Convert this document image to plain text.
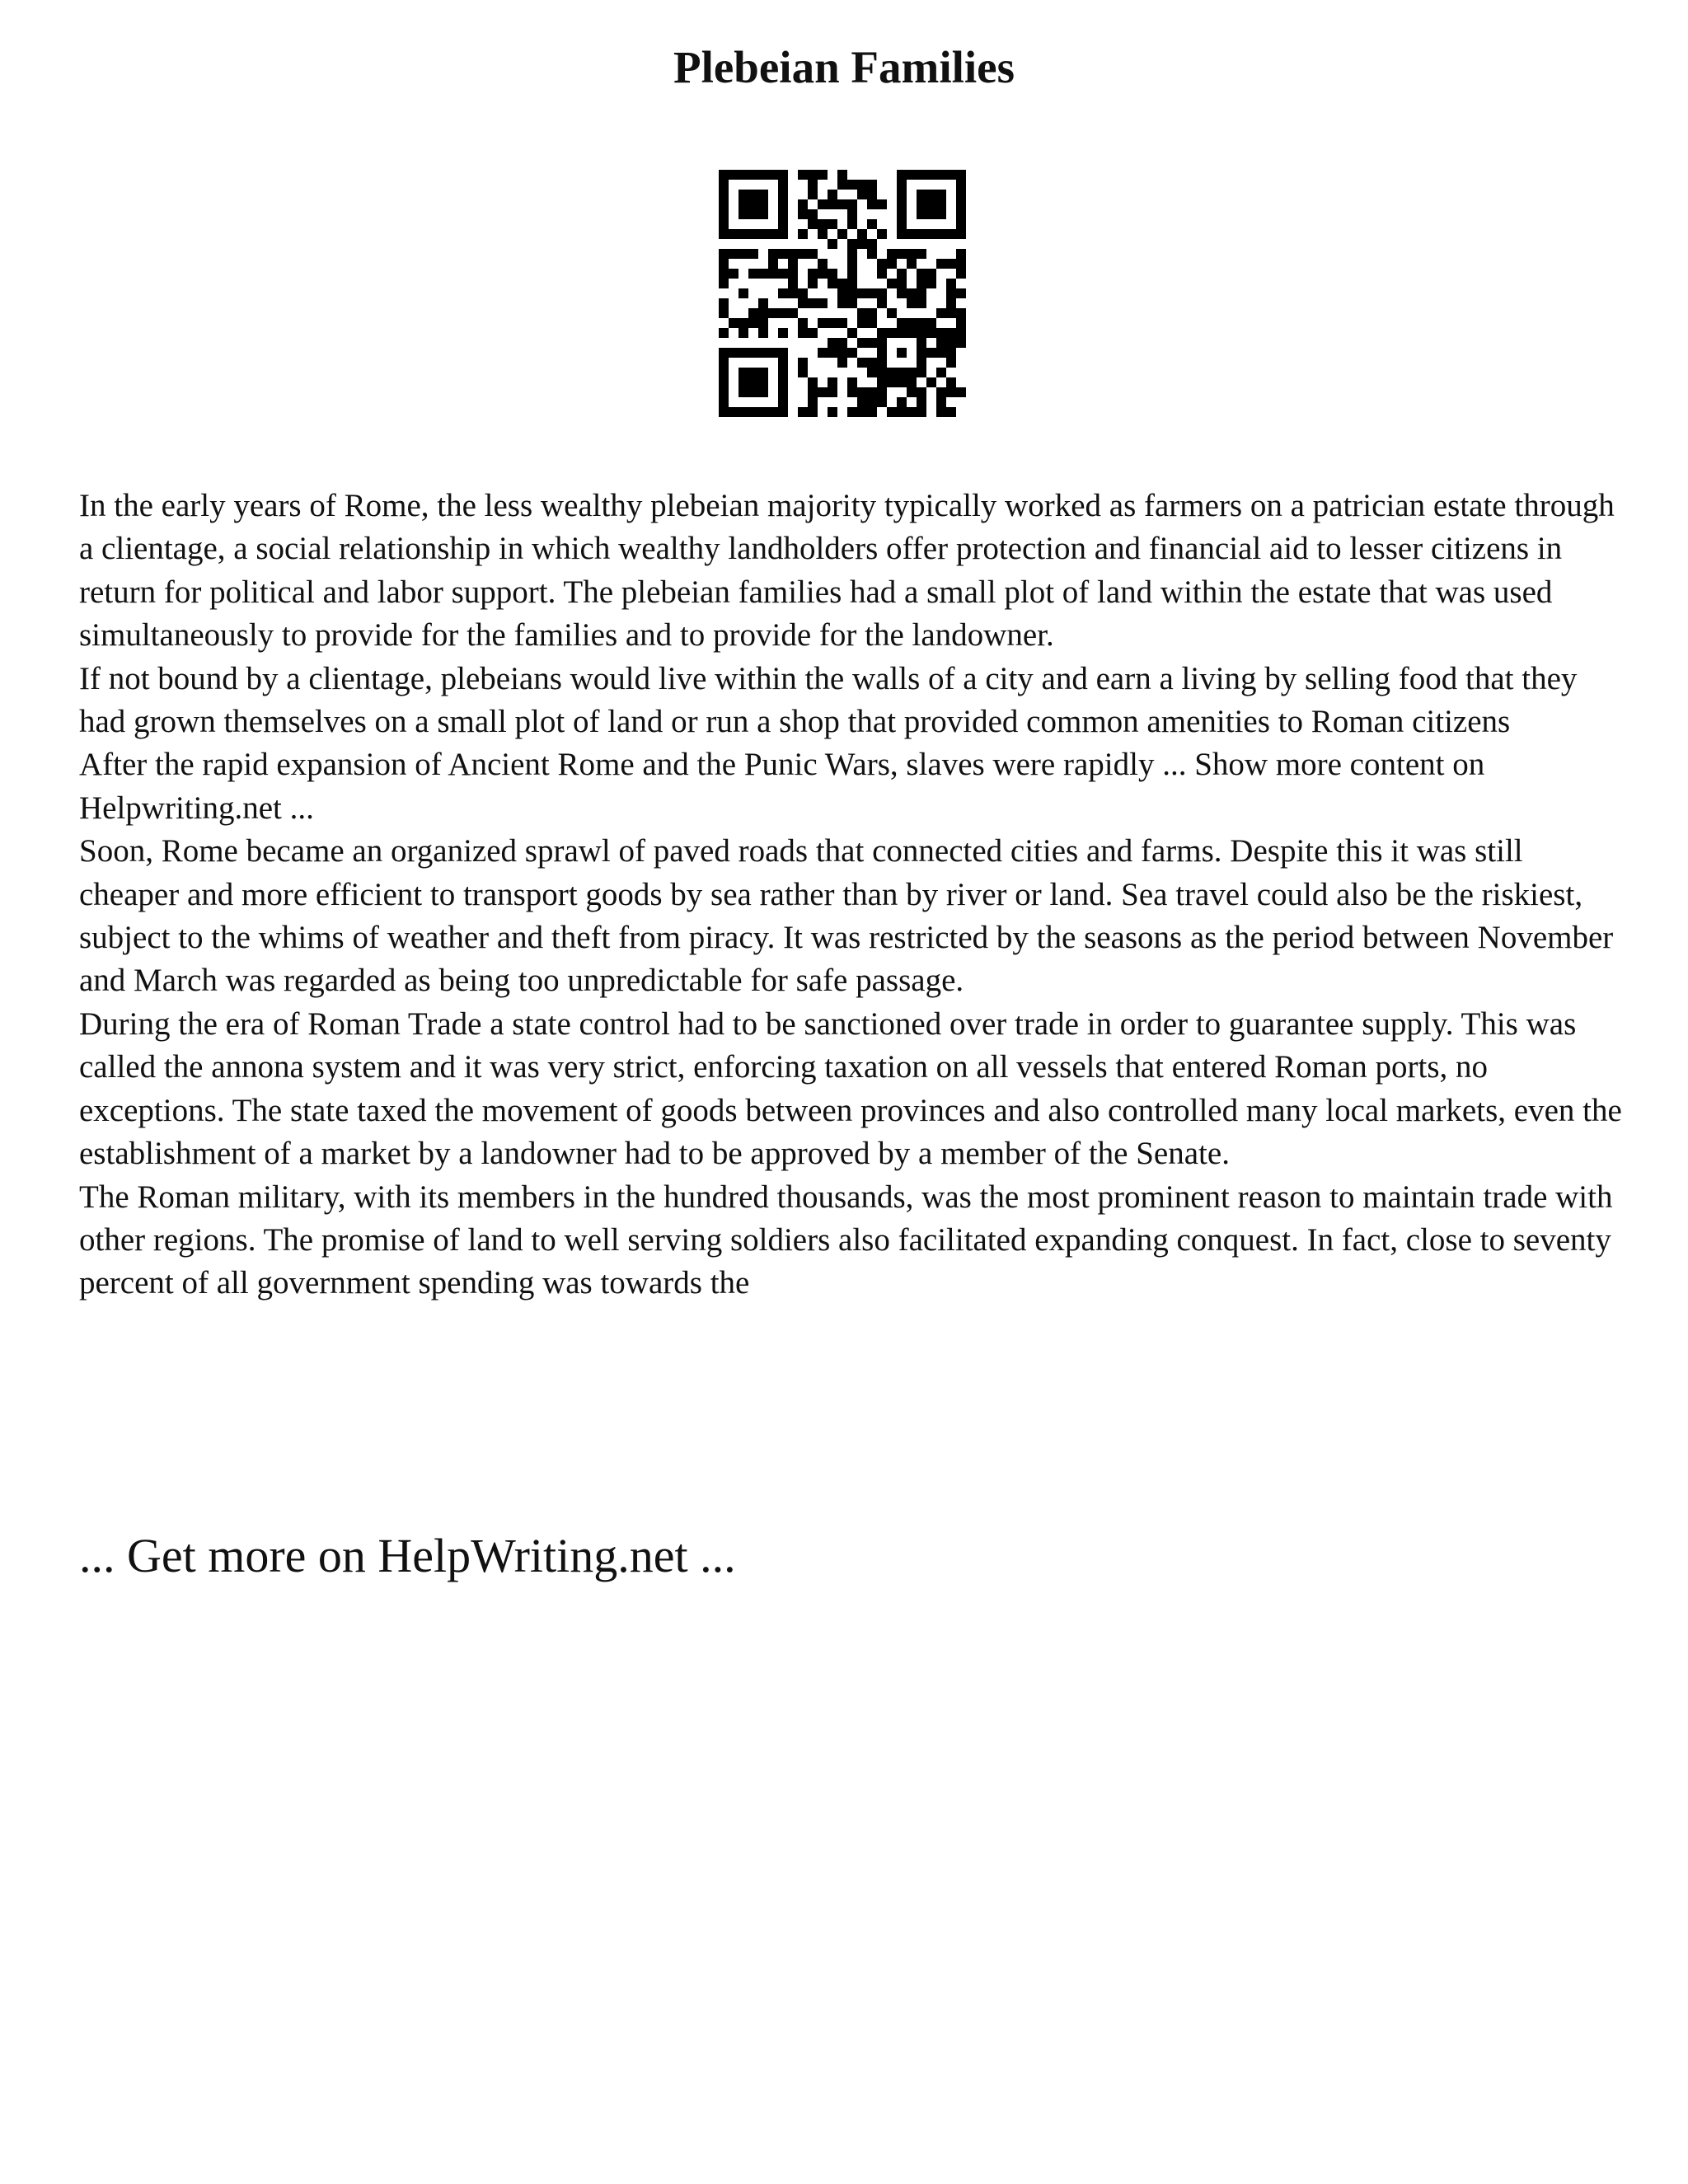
Plebeian Families

In the early years of Rome, the less wealthy plebeian majority typically worked as farmers on a patrician estate through a clientage, a social relationship in which wealthy landholders offer protection and financial aid to lesser citizens in return for political and labor support. The plebeian families had a small plot of land within the estate that was used simultaneously to provide for the families and to provide for the landowner.

If not bound by a clientage, plebeians would live within the walls of a city and earn a living by selling food that they had grown themselves on a small plot of land or run a shop that provided common amenities to Roman citizens

After the rapid expansion of Ancient Rome and the Punic Wars, slaves were rapidly ... Show more content on Helpwriting.net ...

Soon, Rome became an organized sprawl of paved roads that connected cities and farms. Despite this it was still cheaper and more efficient to transport goods by sea rather than by river or land. Sea travel could also be the riskiest, subject to the whims of weather and theft from piracy. It was restricted by the seasons as the period between November and March was regarded as being too unpredictable for safe passage.

During the era of Roman Trade a state control had to be sanctioned over trade in order to guarantee supply. This was called the annona system and it was very strict, enforcing taxation on all vessels that entered Roman ports, no exceptions. The state taxed the movement of goods between provinces and also controlled many local markets, even the establishment of a market by a landowner had to be approved by a member of the Senate.

The Roman military, with its members in the hundred thousands, was the most prominent reason to maintain trade with other regions. The promise of land to well serving soldiers also facilitated expanding conquest. In fact, close to seventy percent of all government spending was towards the

... Get more on HelpWriting.net ...
